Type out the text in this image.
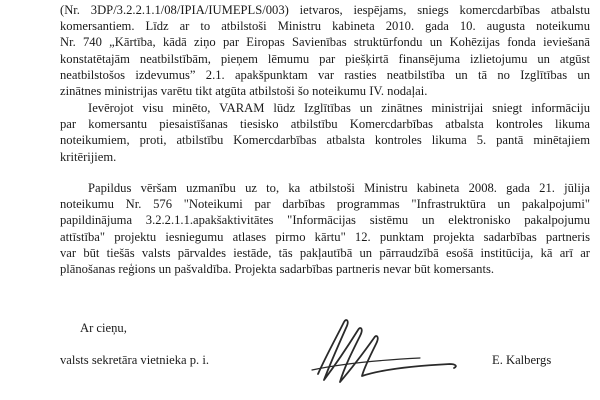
(Nr. 3DP/3.2.2.1.1/08/IPIA/IUMEPLS/003) ietvaros, iespējams, sniegs komercdarbības atbalstu
komersantiem. Līdz ar to atbilstoši Ministru kabineta 2010. gada 10. augusta noteikumu
Nr. 740 „Kārtība, kādā ziņo par Eiropas Savienības struktūrfondu un Kohēzijas fonda ieviešanā
konstatētajām neatbilstībām, pieņem lēmumu par piešķirtā finansējuma izlietojumu un atgūst
neatbilstošos izdevumus” 2.1. apakšpunktam var rasties neatbilstība un tā no Izglītības un
zinātnes ministrijas varētu tikt atgūta atbilstoši šo noteikumu IV. nodaļai.

Ievērojot visu minēto, VARAM lūdz Izglītības un zinātnes ministrijai sniegt informāciju
par komersantu piesaistīšanas tiesisko atbilstību Komercdarbības atbalsta kontroles likuma
noteikumiem, proti, atbilstību Komercdarbības atbalsta kontroles likuma 5. pantā minētajiem
kritērijiem.

Papildus vēršam uzmanību uz to, ka atbilstoši Ministru kabineta 2008. gada 21. jūlija
noteikumu Nr. 576 "Noteikumi par darbības programmas "Infrastruktūra un pakalpojumi"
papildinājuma 3.2.2.1.1.apakšaktivitātes "Informācijas sistēmu un elektronisko pakalpojumu
attīstība" projektu iesniegumu atlases pirmo kārtu" 12. punktam projekta sadarbības partneris
var būt tiešās valsts pārvaldes iestāde, tās pakļautībā un pārraudzībā esošā institūcija, kā arī ar
plānošanas reģions un pašvaldība. Projekta sadarbības partneris nevar būt komersants.

Ar cieņu,
valsts sekretāra vietnieka p. i.	E. Kalbergs
